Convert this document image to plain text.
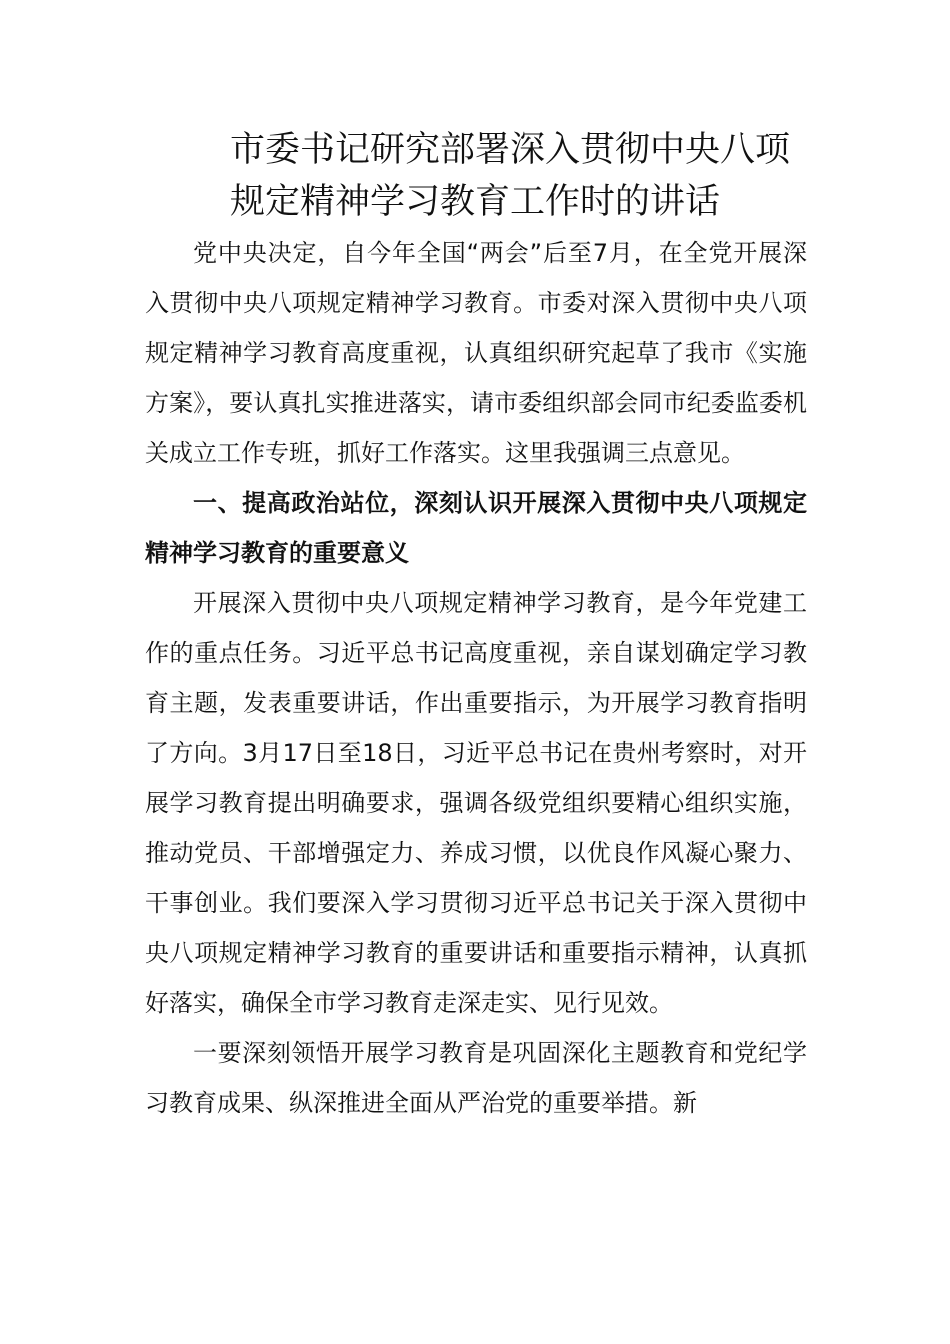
市委书记研究部署深入贯彻中央八项
规定精神学习教育工作时的讲话

党中央决定，自今年全国“两会”后至7月，在全党开展深入贯彻中央八项规定精神学习教育。市委对深入贯彻中央八项规定精神学习教育高度重视，认真组织研究起草了我市《实施方案》，要认真扎实推进落实，请市委组织部会同市纪委监委机关成立工作专班，抓好工作落实。这里我强调三点意见。

一、提高政治站位，深刻认识开展深入贯彻中央八项规定精神学习教育的重要意义

开展深入贯彻中央八项规定精神学习教育，是今年党建工作的重点任务。习近平总书记高度重视，亲自谋划确定学习教育主题，发表重要讲话，作出重要指示，为开展学习教育指明了方向。3月17日至18日，习近平总书记在贵州考察时，对开展学习教育提出明确要求，强调各级党组织要精心组织实施，推动党员、干部增强定力、养成习惯，以优良作风凝心聚力、干事创业。我们要深入学习贯彻习近平总书记关于深入贯彻中央八项规定精神学习教育的重要讲话和重要指示精神，认真抓好落实，确保全市学习教育走深走实、见行见效。

一要深刻领悟开展学习教育是巩固深化主题教育和党纪学习教育成果、纵深推进全面从严治党的重要举措。新
